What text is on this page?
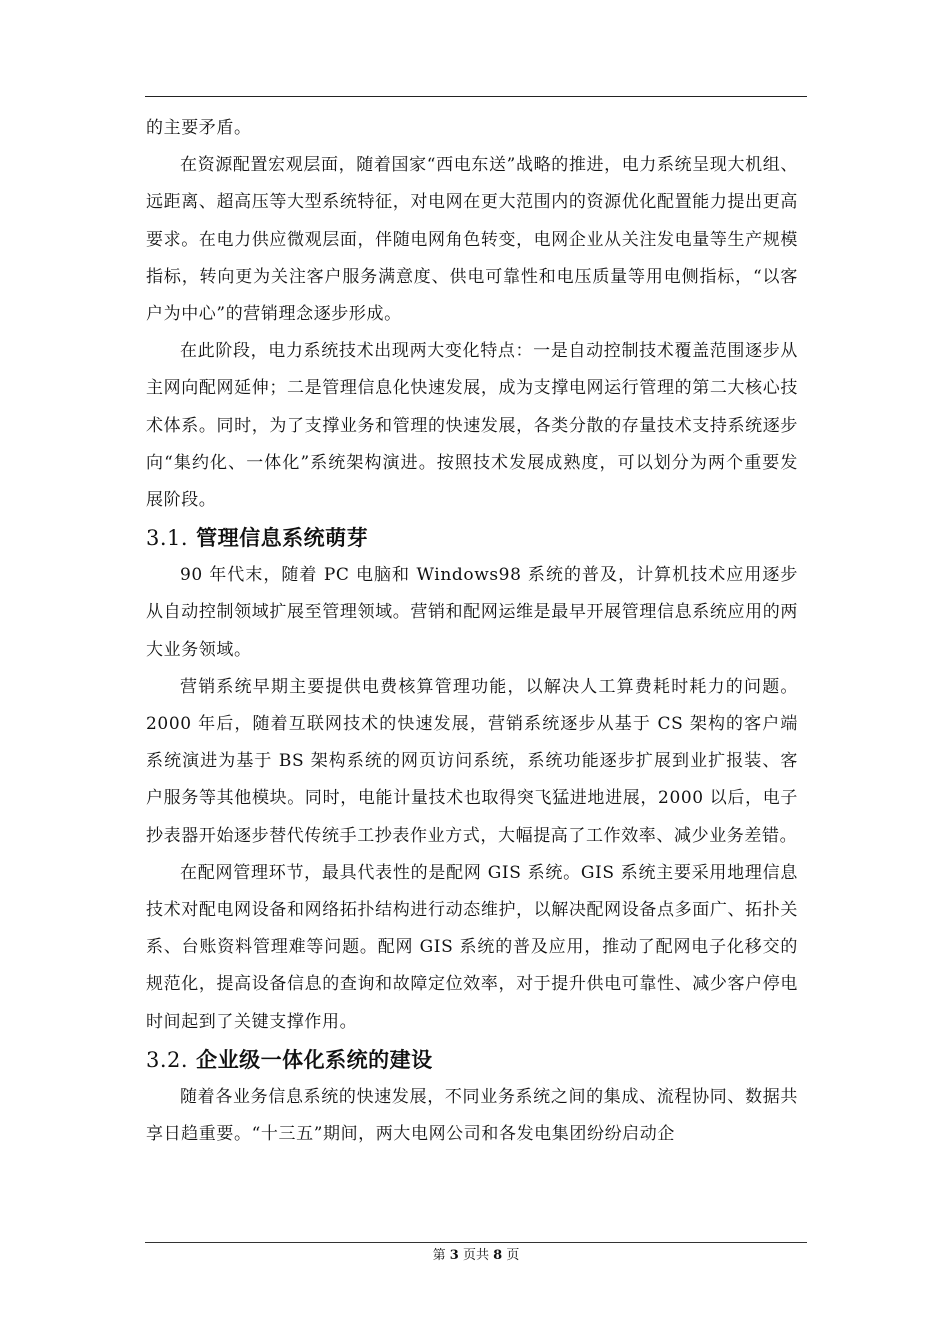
的主要矛盾。

在资源配置宏观层面，随着国家“西电东送”战略的推进，电力系统呈现大机组、远距离、超高压等大型系统特征，对电网在更大范围内的资源优化配置能力提出更高要求。在电力供应微观层面，伴随电网角色转变，电网企业从关注发电量等生产规模指标，转向更为关注客户服务满意度、供电可靠性和电压质量等用电侧指标，“以客户为中心”的营销理念逐步形成。

在此阶段，电力系统技术出现两大变化特点：一是自动控制技术覆盖范围逐步从主网向配网延伸；二是管理信息化快速发展，成为支撑电网运行管理的第二大核心技术体系。同时，为了支撑业务和管理的快速发展，各类分散的存量技术支持系统逐步向“集约化、一体化”系统架构演进。按照技术发展成熟度，可以划分为两个重要发展阶段。

3.1. 管理信息系统萌芽

90 年代末，随着 PC 电脑和 Windows98 系统的普及，计算机技术应用逐步从自动控制领域扩展至管理领域。营销和配网运维是最早开展管理信息系统应用的两大业务领域。

营销系统早期主要提供电费核算管理功能，以解决人工算费耗时耗力的问题。2000 年后，随着互联网技术的快速发展，营销系统逐步从基于 CS 架构的客户端系统演进为基于 BS 架构系统的网页访问系统，系统功能逐步扩展到业扩报装、客户服务等其他模块。同时，电能计量技术也取得突飞猛进地进展，2000 以后，电子抄表器开始逐步替代传统手工抄表作业方式，大幅提高了工作效率、减少业务差错。

在配网管理环节，最具代表性的是配网 GIS 系统。GIS 系统主要采用地理信息技术对配电网设备和网络拓扑结构进行动态维护，以解决配网设备点多面广、拓扑关系、台账资料管理难等问题。配网 GIS 系统的普及应用，推动了配网电子化移交的规范化，提高设备信息的查询和故障定位效率，对于提升供电可靠性、减少客户停电时间起到了关键支撑作用。

3.2. 企业级一体化系统的建设

随着各业务信息系统的快速发展，不同业务系统之间的集成、流程协同、数据共享日趋重要。“十三五”期间，两大电网公司和各发电集团纷纷启动企

第 3 页共 8 页
